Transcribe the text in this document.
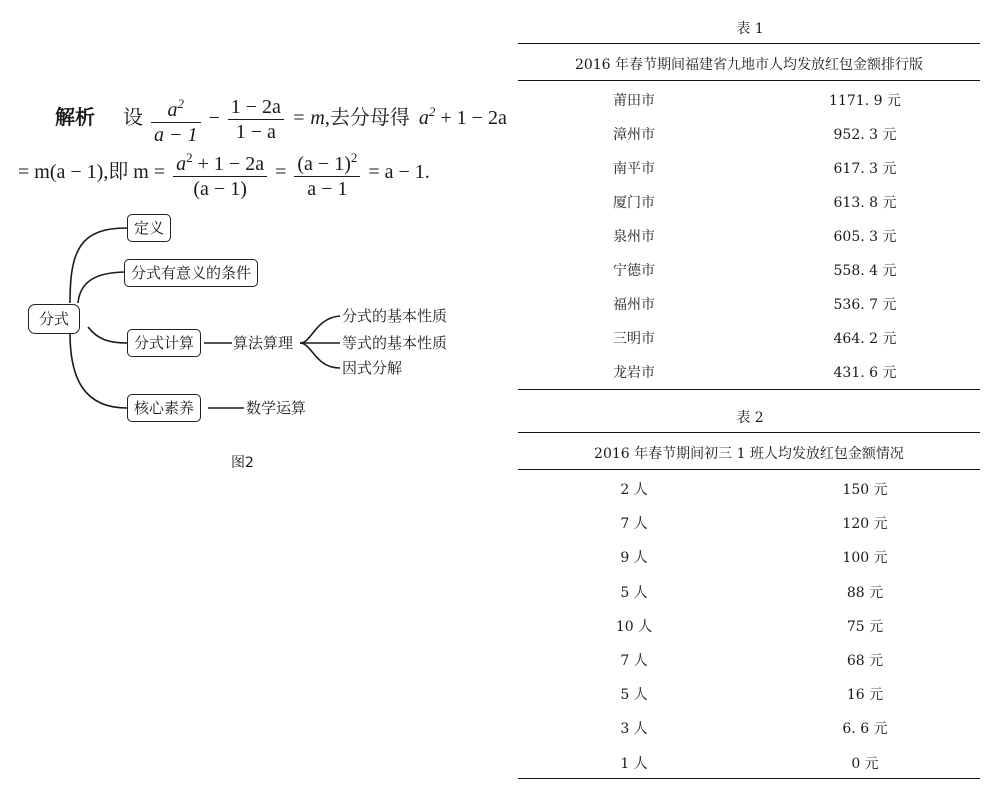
解析 设 $\frac{a^2}{a - 1} - \frac{1 - 2a}{1 - a} = m$,去分母得 $a^2 + 1 - 2a$
= m(a − 1),即 $m = \frac{a^2 + 1 - 2a}{(a - 1)} = \frac{(a - 1)^2}{a - 1} = a - 1$.
分式
定义
分式有意义的条件
分式计算
核心素养
算法算理
分式的基本性质
等式的基本性质
因式分解
数学运算
图2
表 1
2016 年春节期间福建省九地市人均发放红包金额排行版
莆田市	1171. 9 元
漳州市	952. 3 元
南平市	617. 3 元
厦门市	613. 8 元
泉州市	605. 3 元
宁德市	558. 4 元
福州市	536. 7 元
三明市	464. 2 元
龙岩市	431. 6 元
表 2
2016 年春节期间初三 1 班人均发放红包金额情况
2 人	150 元
7 人	120 元
9 人	100 元
5 人	88 元
10 人	75 元
7 人	68 元
5 人	16 元
3 人	6. 6 元
1 人	0 元
